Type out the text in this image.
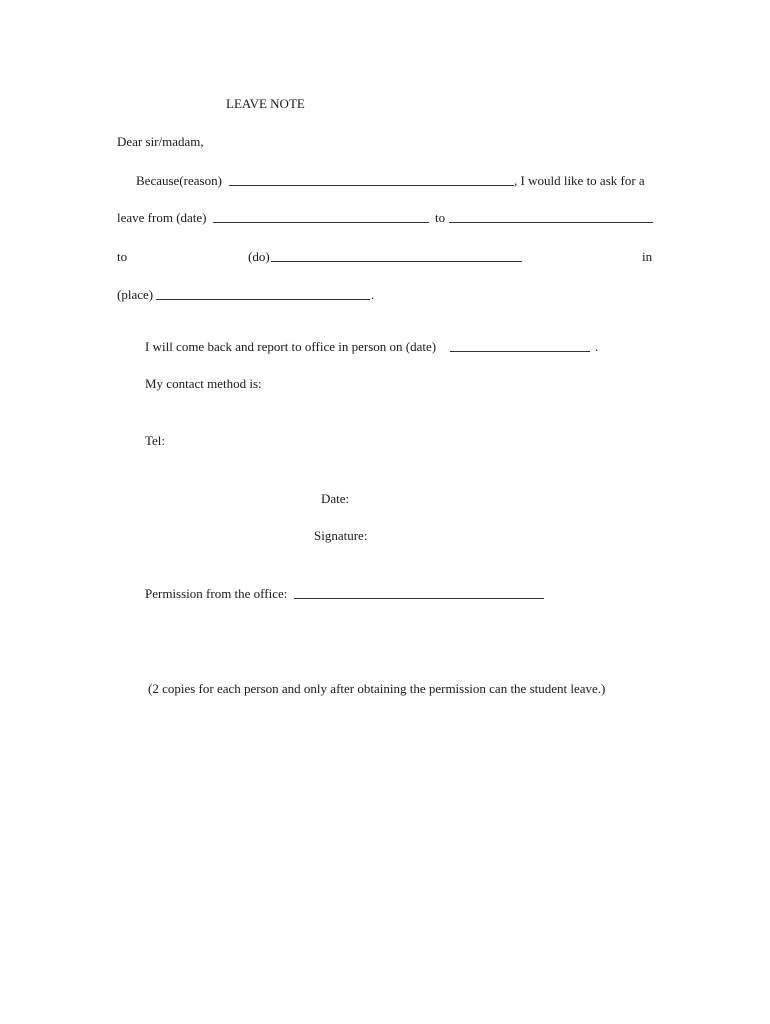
LEAVE NOTE
Dear sir/madam,
Because(reason)	, I would like to ask for a
leave from (date)	to
to	(do)	in
(place)	.
I will come back and report to office in person on (date)	.
My contact method is:
Tel:
Date:
Signature:
Permission from the office:
(2 copies for each person and only after obtaining the permission can the student leave.)
